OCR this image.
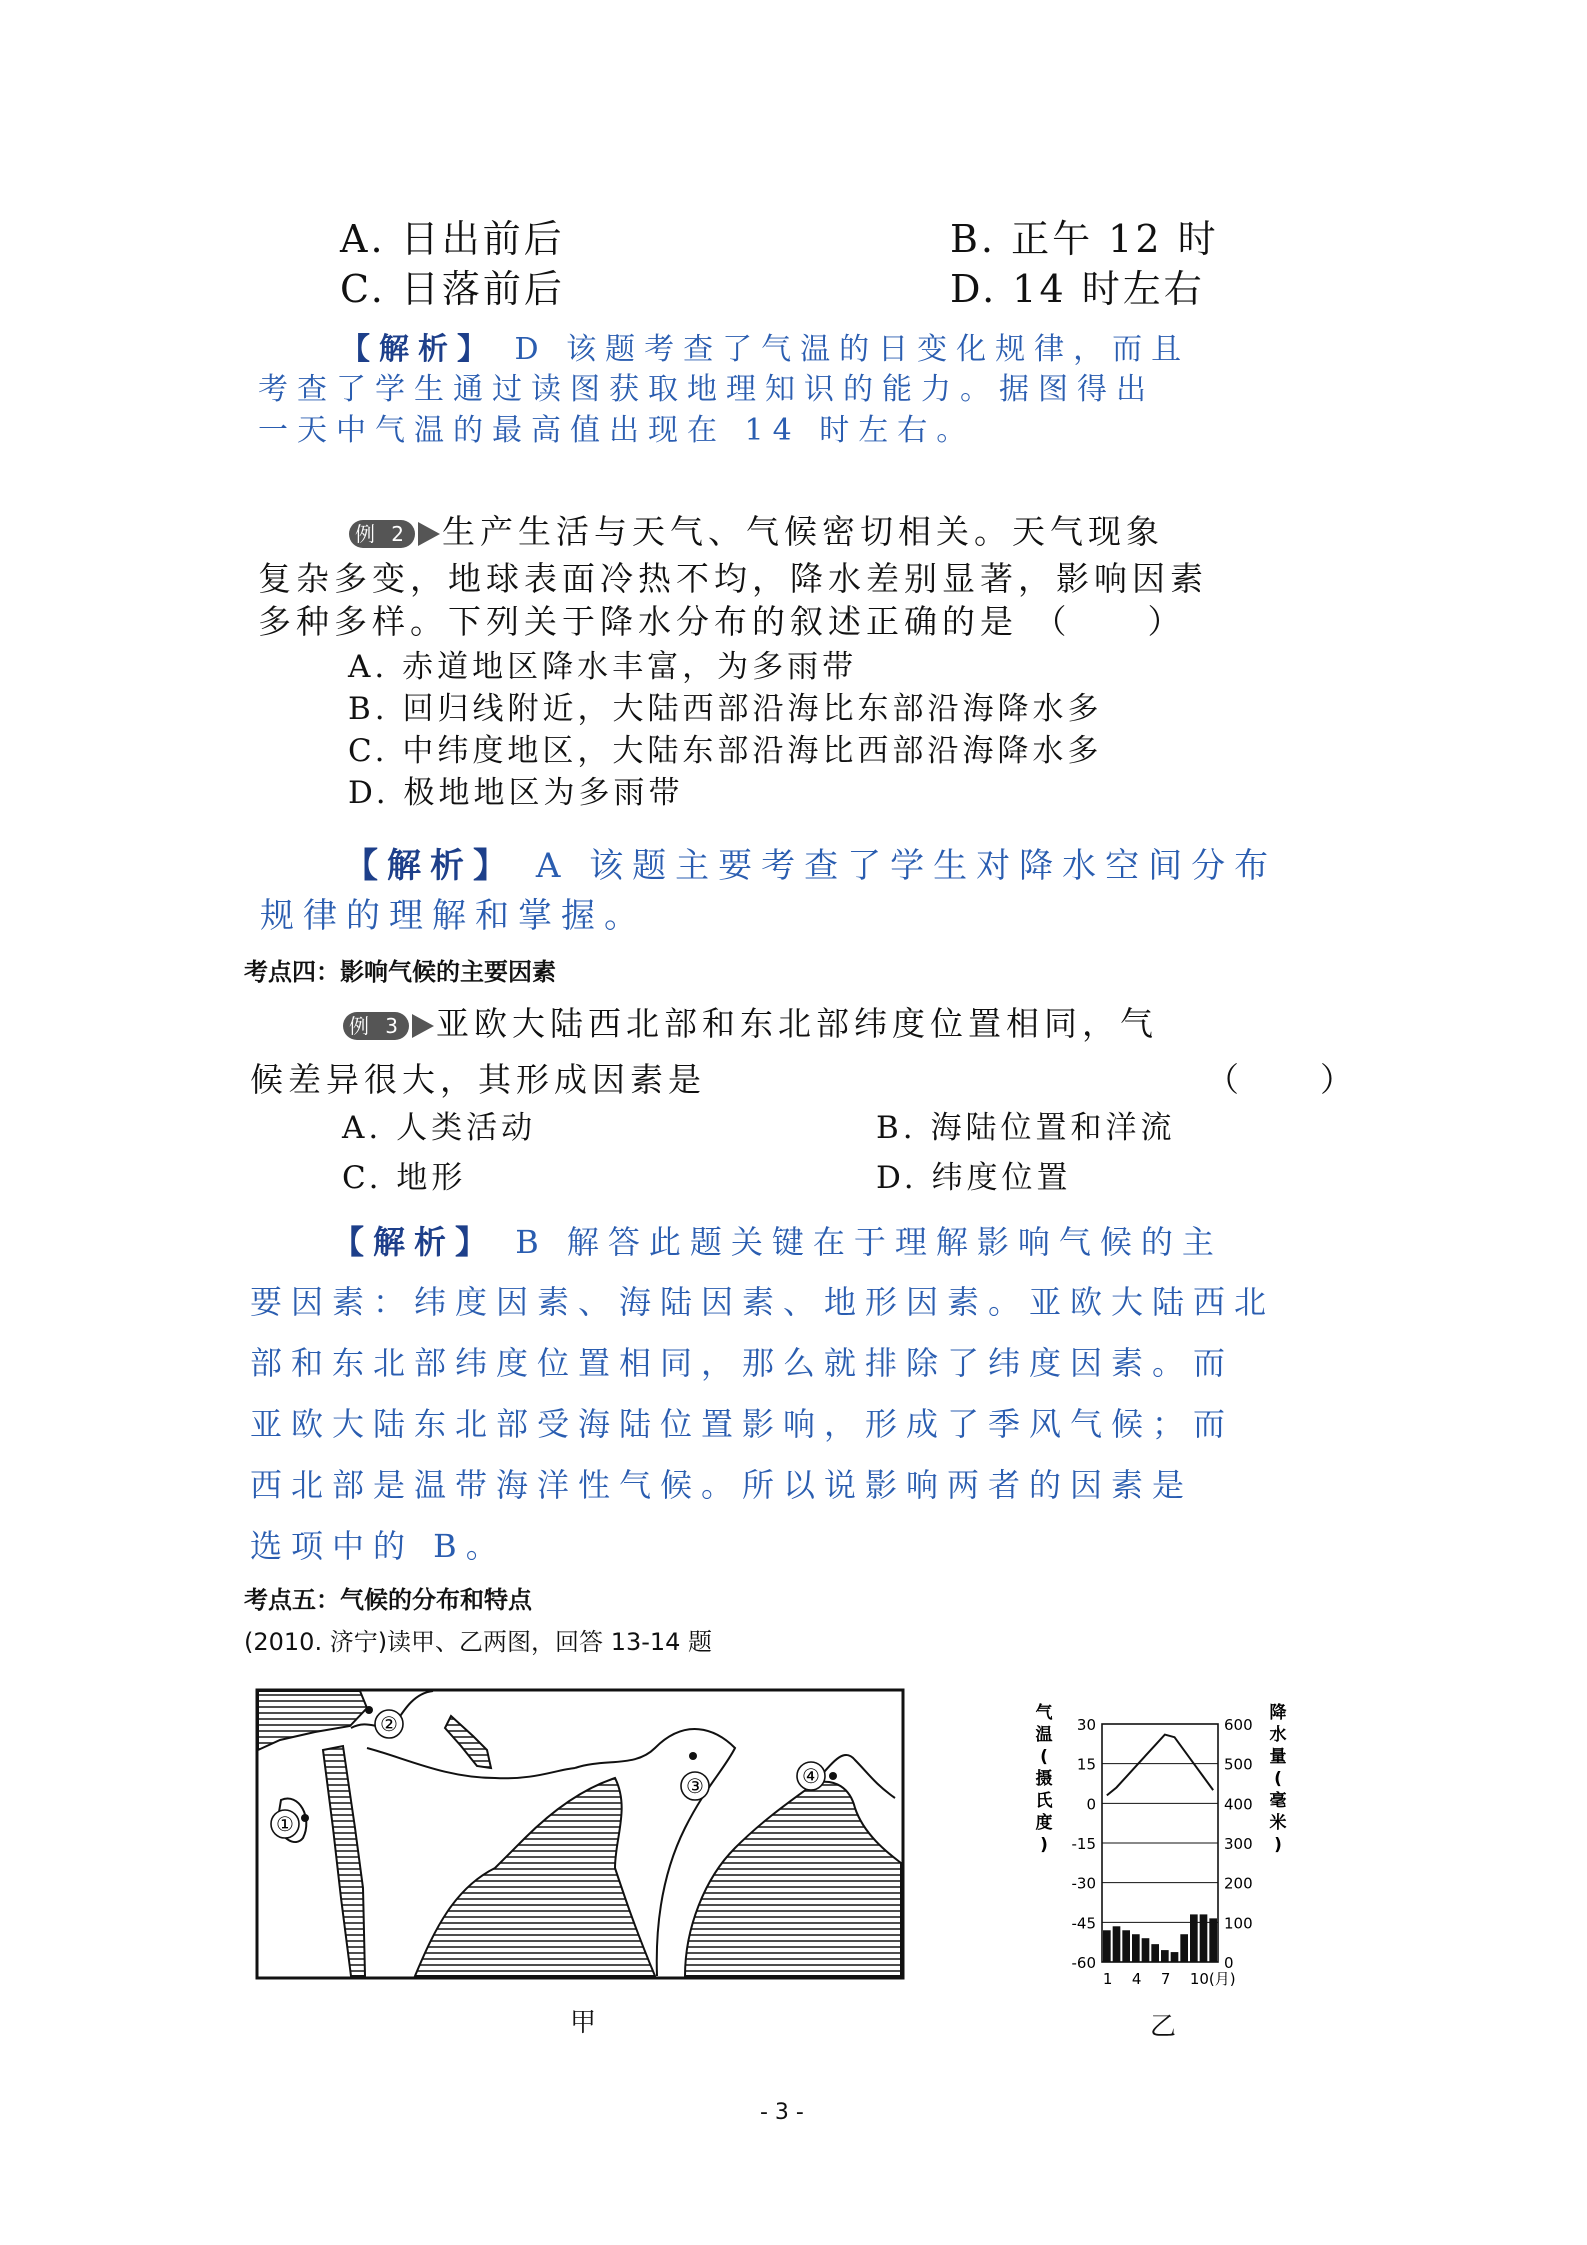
A. 日出前后	B. 正午 12 时
C. 日落前后	D. 14 时左右
【解析】 D 该题考查了气温的日变化规律，而且
考查了学生通过读图获取地理知识的能力。据图得出
一天中气温的最高值出现在 14 时左右。
例 2 生产生活与天气、气候密切相关。天气现象
复杂多变，地球表面冷热不均，降水差别显著，影响因素
多种多样。下列关于降水分布的叙述正确的是 （　　）
A. 赤道地区降水丰富，为多雨带
B. 回归线附近，大陆西部沿海比东部沿海降水多
C. 中纬度地区，大陆东部沿海比西部沿海降水多
D. 极地地区为多雨带
【解析】 A 该题主要考查了学生对降水空间分布
规律的理解和掌握。
考点四：影响气候的主要因素
例 3 亚欧大陆西北部和东北部纬度位置相同，气
候差异很大，其形成因素是	（　　）
A. 人类活动	B. 海陆位置和洋流
C. 地形	D. 纬度位置
【解析】 B 解答此题关键在于理解影响气候的主
要因素：纬度因素、海陆因素、地形因素。亚欧大陆西北
部和东北部纬度位置相同，那么就排除了纬度因素。而
亚欧大陆东北部受海陆位置影响，形成了季风气候；而
西北部是温带海洋性气候。所以说影响两者的因素是
选项中的 B。
考点五：气候的分布和特点
(2010. 济宁)读甲、乙两图，回答 13-14 题
①
②
③	④
甲
30
15
0
-15
-30
-45
-60
600
500
400
300
200
100
0
1 4 7 10(月)
气
温
(
摄
氏
度
)
降
水
量
(
毫
米
)
乙
- 3 -
